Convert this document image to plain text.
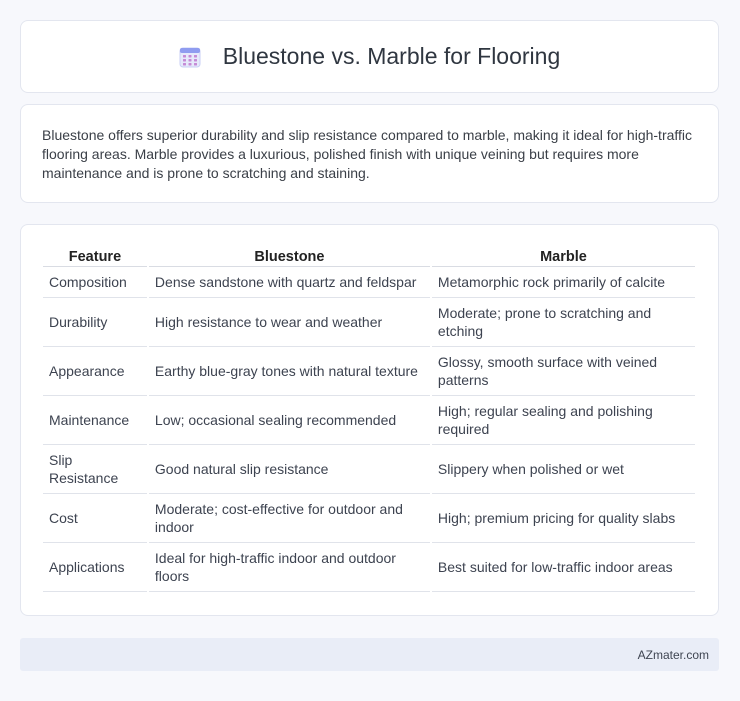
Bluestone vs. Marble for Flooring

Bluestone offers superior durability and slip resistance compared to marble, making it ideal for high-traffic flooring areas. Marble provides a luxurious, polished finish with unique veining but requires more maintenance and is prone to scratching and staining.

Feature	Bluestone	Marble
Composition	Dense sandstone with quartz and feldspar	Metamorphic rock primarily of calcite
Durability	High resistance to wear and weather	Moderate; prone to scratching and etching
Appearance	Earthy blue-gray tones with natural texture	Glossy, smooth surface with veined patterns
Maintenance	Low; occasional sealing recommended	High; regular sealing and polishing required
Slip Resistance	Good natural slip resistance	Slippery when polished or wet
Cost	Moderate; cost-effective for outdoor and indoor	High; premium pricing for quality slabs
Applications	Ideal for high-traffic indoor and outdoor floors	Best suited for low-traffic indoor areas
AZmater.com
